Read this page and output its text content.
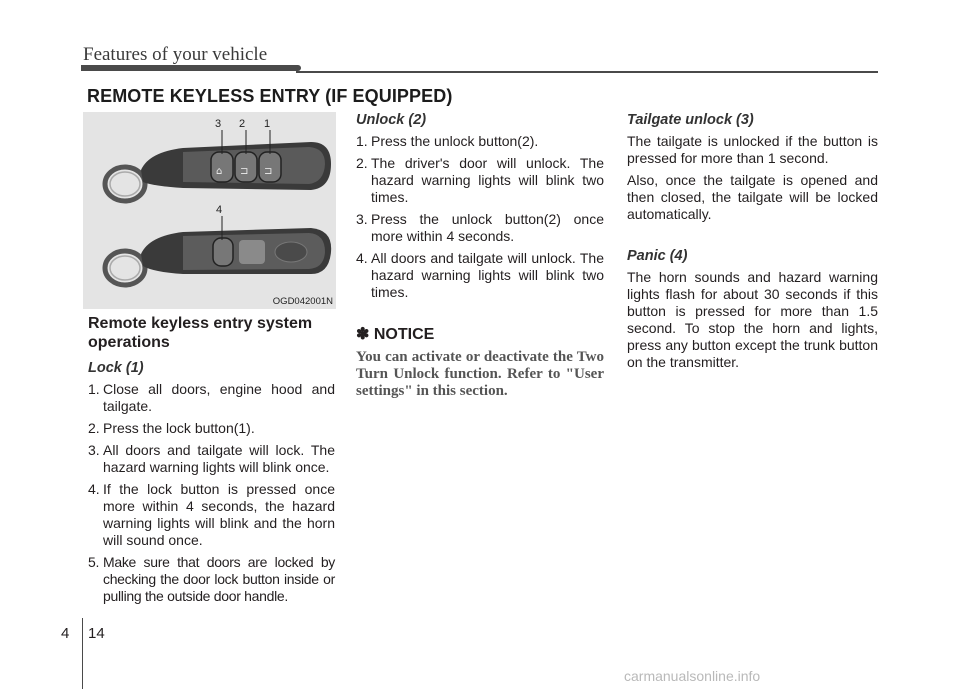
Features of your vehicle
REMOTE KEYLESS ENTRY (IF EQUIPPED)
⌂ ⊐ ⊐
3 2 1
4
OGD042001N
Remote keyless entry system operations
Lock (1)
1. Close all doors, engine hood and tailgate.
2. Press the lock button(1).
3. All doors and tailgate will lock. The hazard warning lights will blink once.
4. If the lock button is pressed once more within 4 seconds, the hazard warning lights will blink and the horn will sound once.
5. Make sure that doors are locked by checking the door lock button inside or pulling the outside door handle.
Unlock (2)
1. Press the unlock button(2).
2. The driver's door will unlock. The hazard warning lights will blink two times.
3. Press the unlock button(2) once more within 4 seconds.
4. All doors and tailgate will unlock. The hazard warning lights will blink two times.
✽ NOTICE

You can activate or deactivate the Two Turn Unlock function. Refer to "User settings" in this section.

Tailgate unlock (3)

The tailgate is unlocked if the button is pressed for more than 1 second.

Also, once the tailgate is opened and then closed, the tailgate will be locked automatically.

Panic (4)

The horn sounds and hazard warning lights flash for about 30 seconds if this button is pressed for more than 1.5 second. To stop the horn and lights, press any button except the trunk button on the transmitter.

4 14
carmanualsonline.info
